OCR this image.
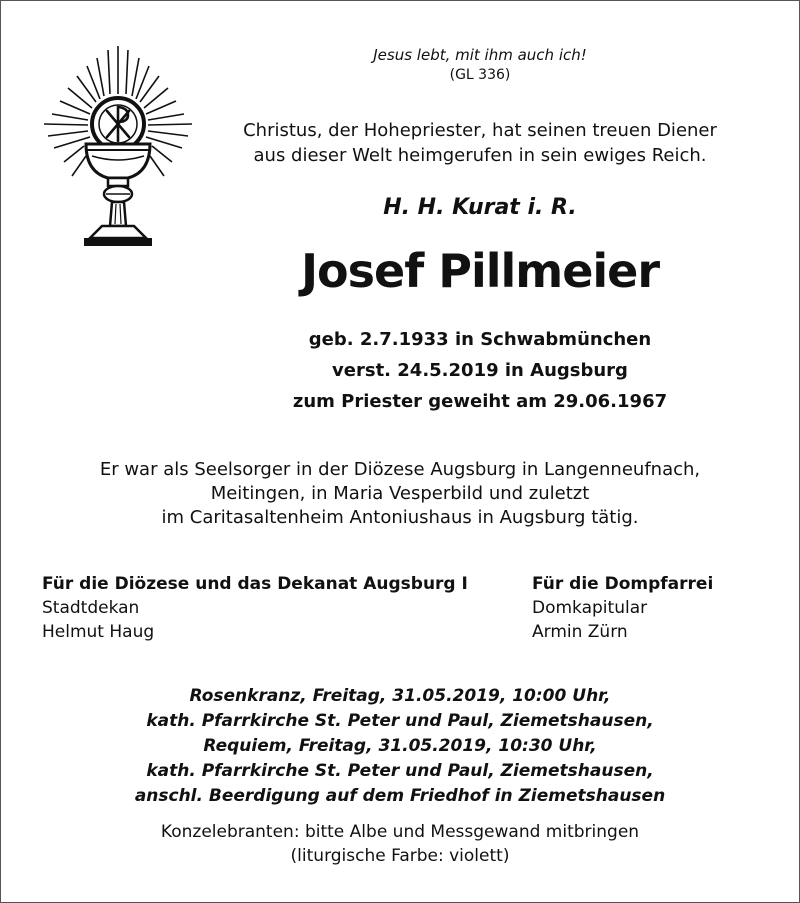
Jesus lebt, mit ihm auch ich!
(GL 336)
Christus, der Hohepriester, hat seinen treuen Diener
aus dieser Welt heimgerufen in sein ewiges Reich.
H. H. Kurat i. R.
Josef Pillmeier
geb. 2.7.1933 in Schwabmünchen
verst. 24.5.2019 in Augsburg
zum Priester geweiht am 29.06.1967
Er war als Seelsorger in der Diözese Augsburg in Langenneufnach,
Meitingen, in Maria Vesperbild und zuletzt
im Caritasaltenheim Antoniushaus in Augsburg tätig.
Für die Diözese und das Dekanat Augsburg I
Stadtdekan
Helmut Haug
Für die Dompfarrei
Domkapitular
Armin Zürn
Rosenkranz, Freitag, 31.05.2019, 10:00 Uhr,
kath. Pfarrkirche St. Peter und Paul, Ziemetshausen,
Requiem, Freitag, 31.05.2019, 10:30 Uhr,
kath. Pfarrkirche St. Peter und Paul, Ziemetshausen,
anschl. Beerdigung auf dem Friedhof in Ziemetshausen
Konzelebranten: bitte Albe und Messgewand mitbringen
(liturgische Farbe: violett)
